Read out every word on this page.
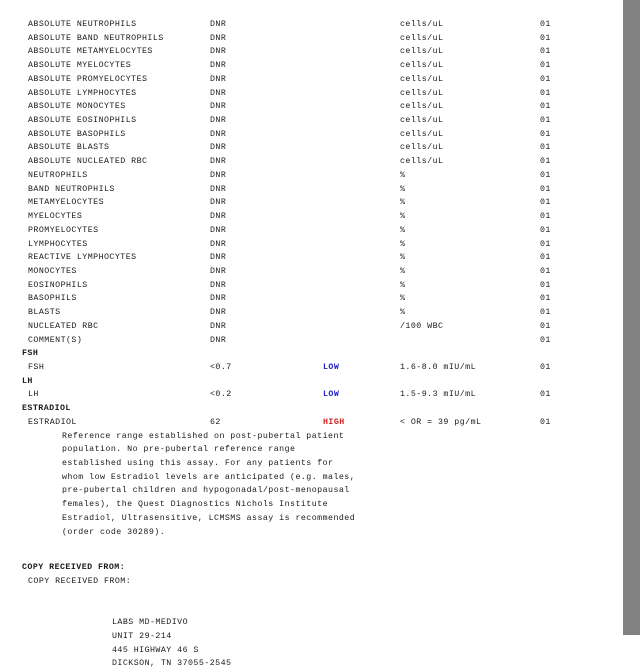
ABSOLUTE NEUTROPHILS	DNR	cells/uL	01
ABSOLUTE BAND NEUTROPHILS	DNR	cells/uL	01
ABSOLUTE METAMYELOCYTES	DNR	cells/uL	01
ABSOLUTE MYELOCYTES	DNR	cells/uL	01
ABSOLUTE PROMYELOCYTES	DNR	cells/uL	01
ABSOLUTE LYMPHOCYTES	DNR	cells/uL	01
ABSOLUTE MONOCYTES	DNR	cells/uL	01
ABSOLUTE EOSINOPHILS	DNR	cells/uL	01
ABSOLUTE BASOPHILS	DNR	cells/uL	01
ABSOLUTE BLASTS	DNR	cells/uL	01
ABSOLUTE NUCLEATED RBC	DNR	cells/uL	01
NEUTROPHILS	DNR	%	01
BAND NEUTROPHILS	DNR	%	01
METAMYELOCYTES	DNR	%	01
MYELOCYTES	DNR	%	01
PROMYELOCYTES	DNR	%	01
LYMPHOCYTES	DNR	%	01
REACTIVE LYMPHOCYTES	DNR	%	01
MONOCYTES	DNR	%	01
EOSINOPHILS	DNR	%	01
BASOPHILS	DNR	%	01
BLASTS	DNR	%	01
NUCLEATED RBC	DNR	/100 WBC	01
COMMENT(S)	DNR	01
FSH
FSH	<0.7	LOW	1.6-8.0 mIU/mL	01
LH
LH	<0.2	LOW	1.5-9.3 mIU/mL	01
ESTRADIOL
ESTRADIOL	62	HIGH	< OR = 39 pg/mL	01
Reference range established on post-pubertal patient
population. No pre-pubertal reference range
established using this assay. For any patients for
whom low Estradiol levels are anticipated (e.g. males,
pre-pubertal children and hypogonadal/post-menopausal
females), the Quest Diagnostics Nichols Institute
Estradiol, Ultrasensitive, LCMSMS assay is recommended
(order code 30289).
COPY RECEIVED FROM:
COPY RECEIVED FROM:

LABS MD-MEDIVO
UNIT 29-214
445 HIGHWAY 46 S
DICKSON, TN 37055-2545
